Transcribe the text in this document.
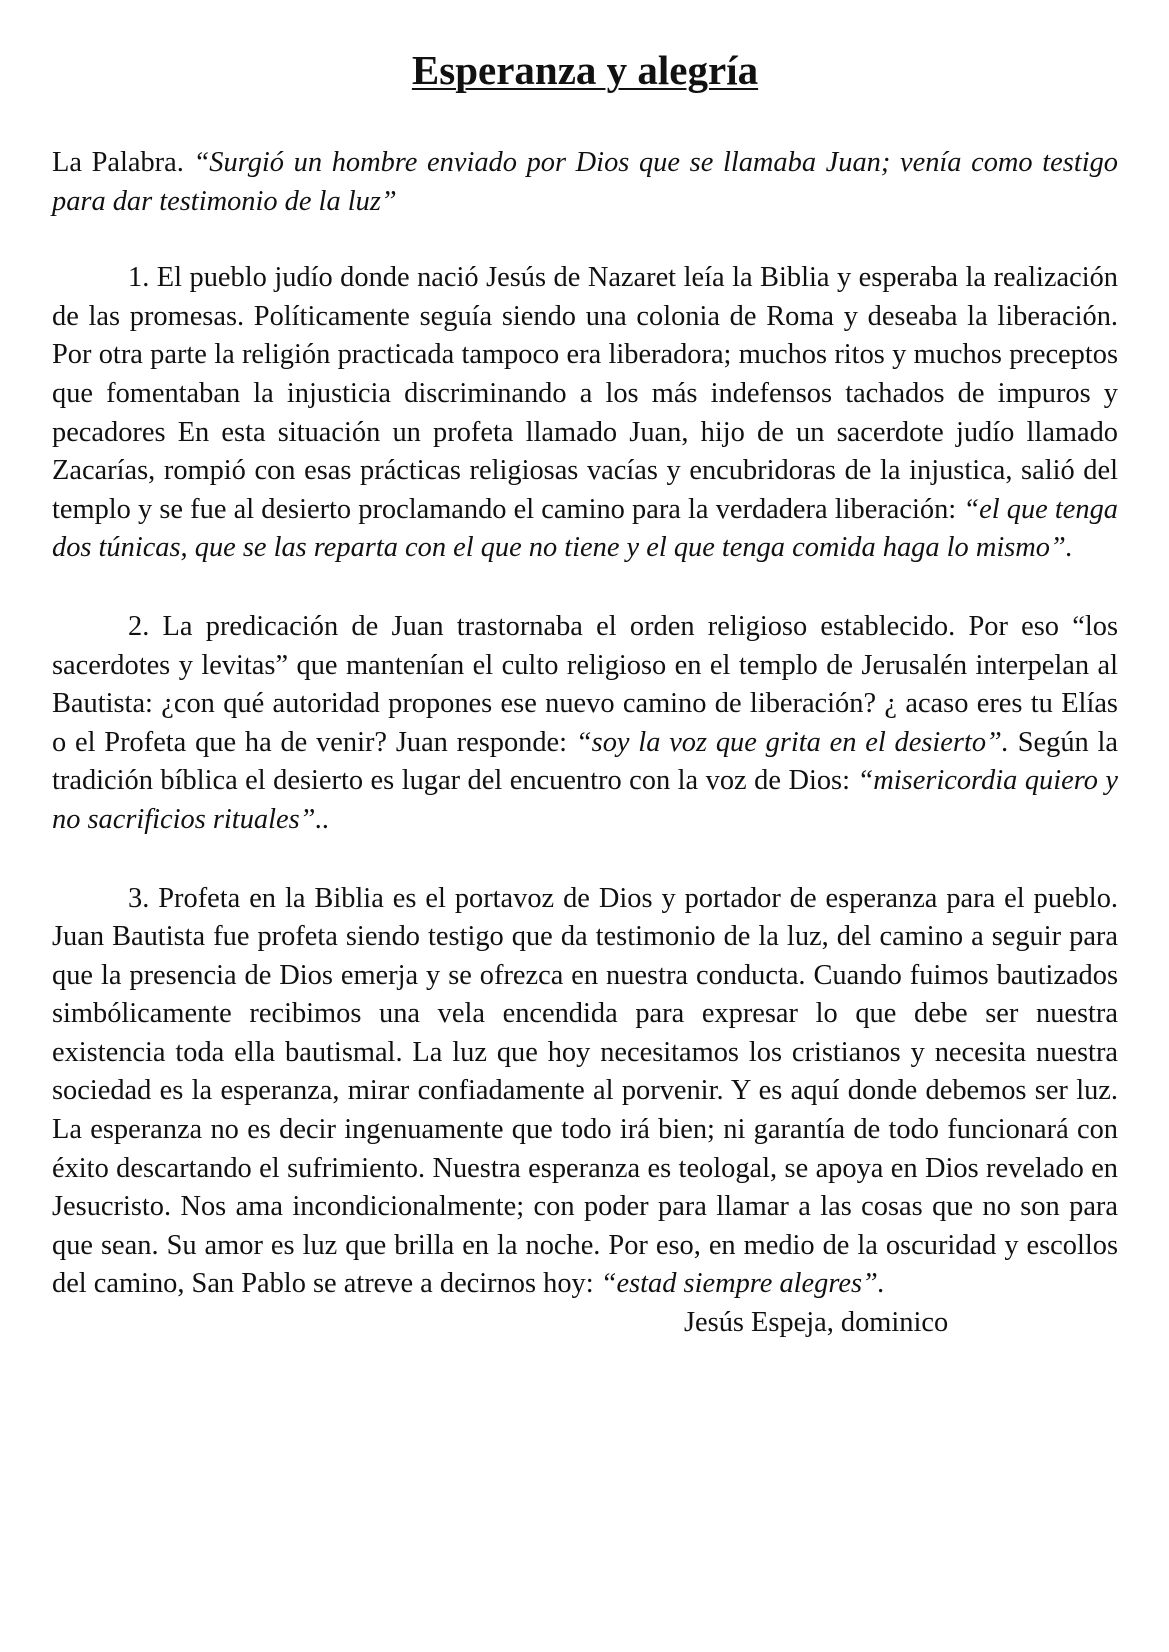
Esperanza y alegría

La Palabra. “Surgió un hombre enviado por Dios que se llamaba Juan; venía como testigo para dar testimonio de la luz”

1. El pueblo judío donde nació Jesús de Nazaret leía la Biblia y esperaba la realización de las promesas. Políticamente seguía siendo una colonia de Roma y deseaba la liberación. Por otra parte la religión practicada tampoco era liberadora; muchos ritos y muchos preceptos que fomentaban la injusticia discriminando a los más indefensos tachados de impuros y pecadores En esta situación un profeta llamado Juan, hijo de un sacerdote judío llamado Zacarías, rompió con esas prácticas religiosas vacías y encubridoras de la injustica, salió del templo y se fue al desierto proclamando el camino para la verdadera liberación: “el que tenga dos túnicas, que se las reparta con el que no tiene y el que tenga comida haga lo mismo”.

2. La predicación de Juan trastornaba el orden religioso establecido. Por eso “los sacerdotes y levitas” que mantenían el culto religioso en el templo de Jerusalén interpelan al Bautista: ¿con qué autoridad propones ese nuevo camino de liberación? ¿ acaso eres tu Elías o el Profeta que ha de venir? Juan responde: “soy la voz que grita en el desierto”. Según la tradición bíblica el desierto es lugar del encuentro con la voz de Dios: “misericordia quiero y no sacrificios rituales”..

3. Profeta en la Biblia es el portavoz de Dios y portador de esperanza para el pueblo. Juan Bautista fue profeta siendo testigo que da testimonio de la luz, del camino a seguir para que la presencia de Dios emerja y se ofrezca en nuestra conducta. Cuando fuimos bautizados simbólicamente recibimos una vela encendida para expresar lo que debe ser nuestra existencia toda ella bautismal. La luz que hoy necesitamos los cristianos y necesita nuestra sociedad es la esperanza, mirar confiadamente al porvenir. Y es aquí donde debemos ser luz. La esperanza no es decir ingenuamente que todo irá bien; ni garantía de todo funcionará con éxito descartando el sufrimiento. Nuestra esperanza es teologal, se apoya en Dios revelado en Jesucristo. Nos ama incondicionalmente; con poder para llamar a las cosas que no son para que sean. Su amor es luz que brilla en la noche. Por eso, en medio de la oscuridad y escollos del camino, San Pablo se atreve a decirnos hoy: “estad siempre alegres”.

Jesús Espeja, dominico
